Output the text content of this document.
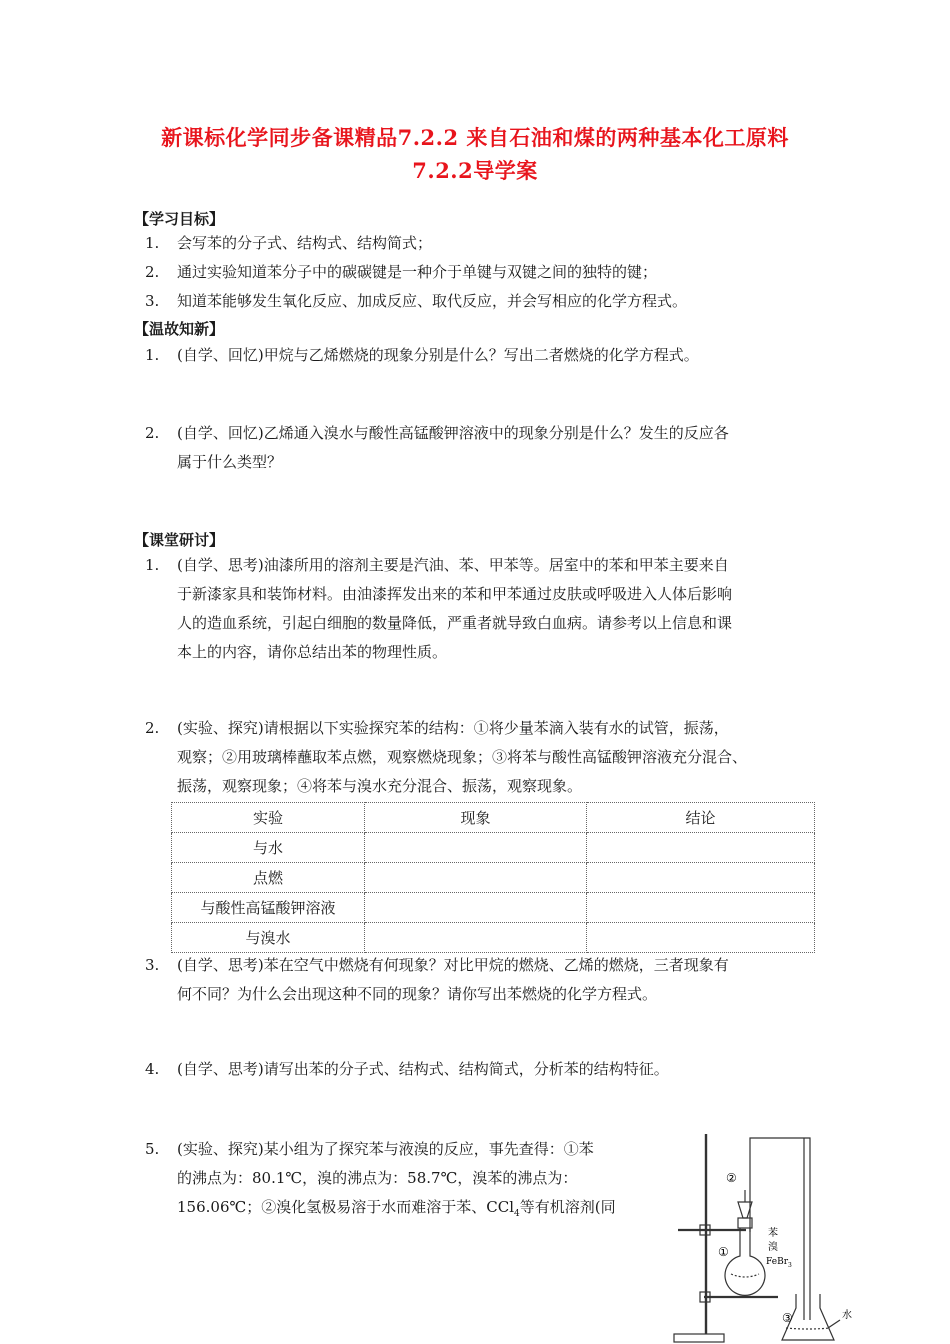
新课标化学同步备课精品7.2.2 来自石油和煤的两种基本化工原料
7.2.2导学案
【学习目标】
1. 会写苯的分子式、结构式、结构简式；
2. 通过实验知道苯分子中的碳碳键是一种介于单键与双键之间的独特的键；
3. 知道苯能够发生氧化反应、加成反应、取代反应，并会写相应的化学方程式。
【温故知新】
1. (自学、回忆)甲烷与乙烯燃烧的现象分别是什么？写出二者燃烧的化学方程式。
2. (自学、回忆)乙烯通入溴水与酸性高锰酸钾溶液中的现象分别是什么？发生的反应各
属于什么类型？
【课堂研讨】
1. (自学、思考)油漆所用的溶剂主要是汽油、苯、甲苯等。居室中的苯和甲苯主要来自
于新漆家具和装饰材料。由油漆挥发出来的苯和甲苯通过皮肤或呼吸进入人体后影响
人的造血系统，引起白细胞的数量降低，严重者就导致白血病。请参考以上信息和课
本上的内容，请你总结出苯的物理性质。
2. (实验、探究)请根据以下实验探究苯的结构：①将少量苯滴入装有水的试管，振荡，
观察；②用玻璃棒蘸取苯点燃，观察燃烧现象；③将苯与酸性高锰酸钾溶液充分混合、
振荡，观察现象；④将苯与溴水充分混合、振荡，观察现象。
实验	现象	结论
与水		
点燃		
与酸性高锰酸钾溶液		
与溴水		
3. (自学、思考)苯在空气中燃烧有何现象？对比甲烷的燃烧、乙烯的燃烧，三者现象有
何不同？为什么会出现这种不同的现象？请你写出苯燃烧的化学方程式。
4. (自学、思考)请写出苯的分子式、结构式、结构简式，分析苯的结构特征。
5. (实验、探究)某小组为了探究苯与液溴的反应，事先查得：①苯
的沸点为：80.1℃，溴的沸点为：58.7℃，溴苯的沸点为：
156.06℃；②溴化氢极易溶于水而难溶于苯、CCl$_4$等有机溶剂(同
②
①
③
苯
溴
FeBr$_3$
水
